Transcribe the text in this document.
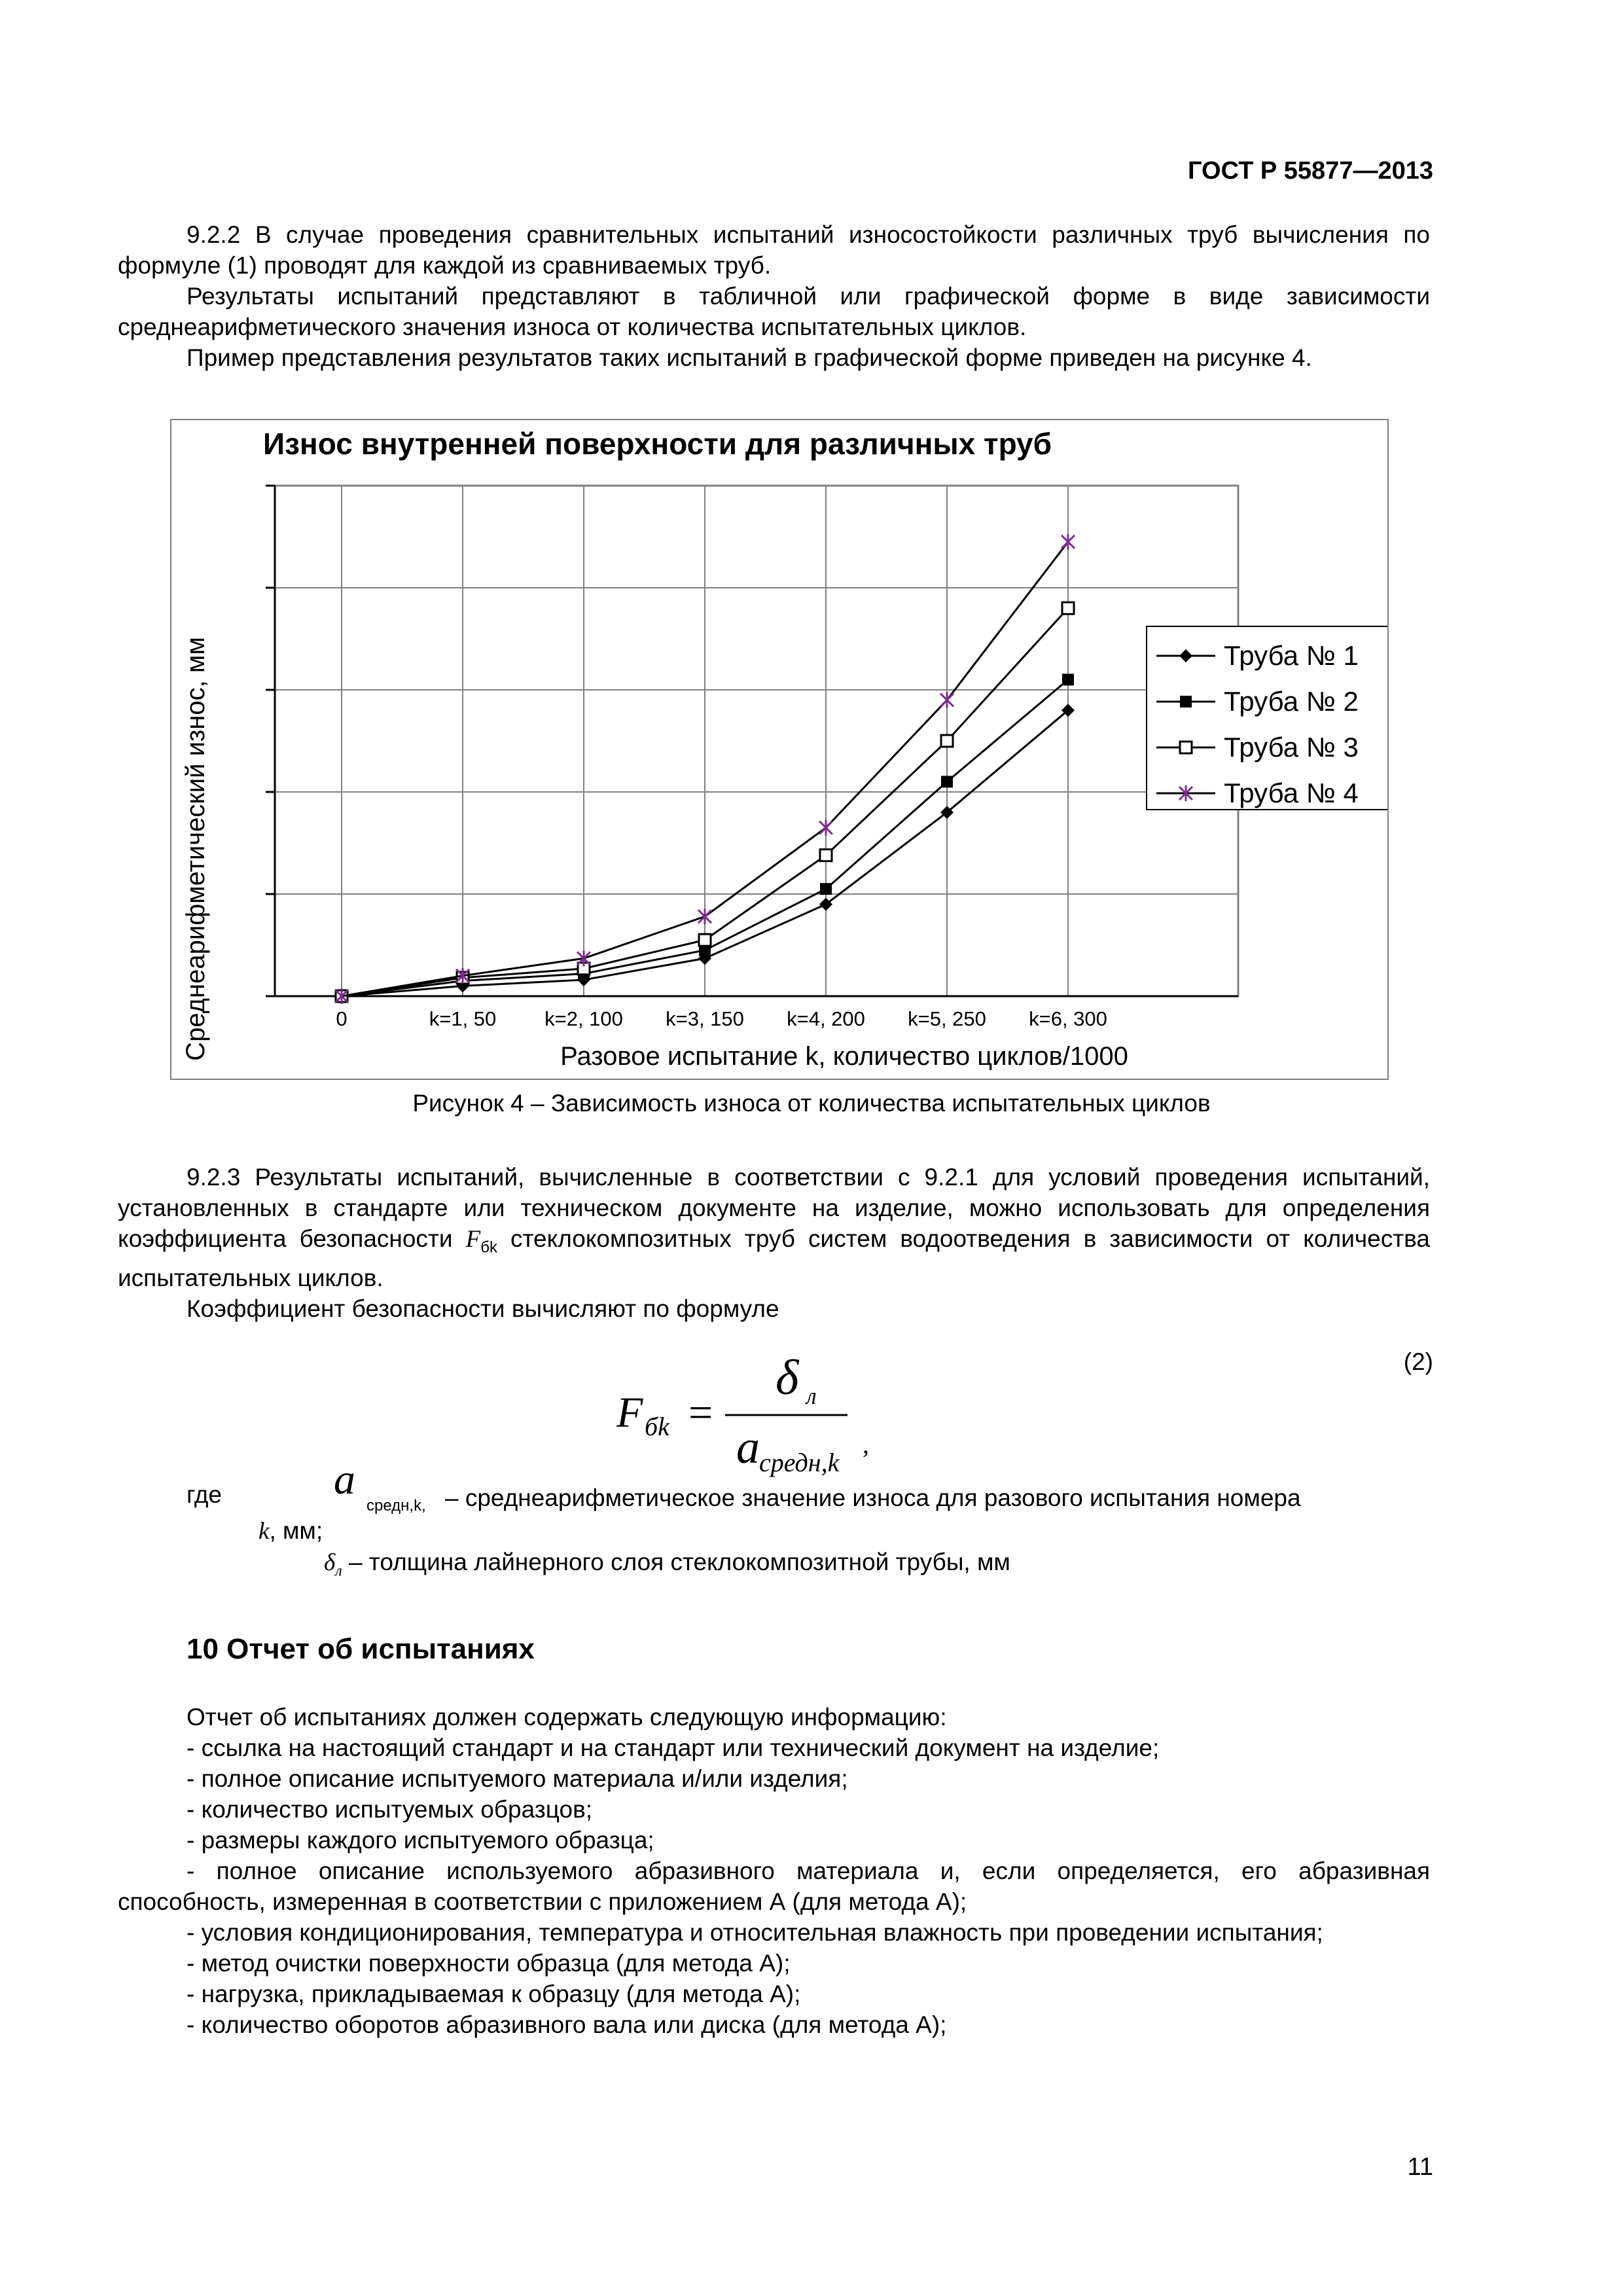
ГОСТ Р 55877—2013

9.2.2 В случае проведения сравнительных испытаний износостойкости различных труб вычисления по формуле (1) проводят для каждой из сравниваемых труб.

Результаты испытаний представляют в табличной или графической форме в виде зависимости среднеарифметического значения износа от количества испытательных циклов.

Пример представления результатов таких испытаний в графической форме приведен на рисунке 4.

Износ внутренней поверхности для различных труб
0	k=1, 50 k=2, 100 k=3, 150 k=4, 200 k=5, 250 k=6, 300
Разовое испытание k, количество циклов/1000
Среднеарифметический износ, мм	Труба № 1
Труба № 2
Труба № 3
Труба № 4
Рисунок 4 – Зависимость износа от количества испытательных циклов

9.2.3 Результаты испытаний, вычисленные в соответствии с 9.2.1 для условий проведения испытаний, установленных в стандарте или техническом документе на изделие, можно использовать для определения коэффициента безопасности $F_{бk}$ стеклокомпозитных труб систем водоотведения в зависимости от количества испытательных циклов.

Коэффициент безопасности вычисляют по формуле

(2)
F бk =
δ л
a средн,k
,
где	a
средн,k, – среднеарифметическое значение износа для разового испытания номера
k, мм;
$\delta_л$ – толщина лайнерного слоя стеклокомпозитной трубы, мм
10 Отчет об испытаниях

Отчет об испытаниях должен содержать следующую информацию:

- ссылка на настоящий стандарт и на стандарт или технический документ на изделие;

- полное описание испытуемого материала и/или изделия;

- количество испытуемых образцов;

- размеры каждого испытуемого образца;

- полное описание используемого абразивного материала и, если определяется, его абразивная способность, измеренная в соответствии с приложением А (для метода А);

- условия кондиционирования, температура и относительная влажность при проведении испытания;

- метод очистки поверхности образца (для метода А);

- нагрузка, прикладываемая к образцу (для метода А);

- количество оборотов абразивного вала или диска (для метода А);

11
